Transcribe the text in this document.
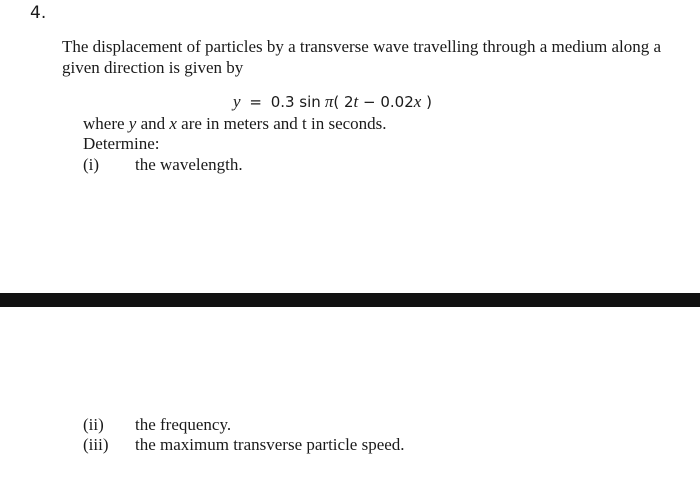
4.
The displacement of particles by a transverse wave travelling through a medium along a
given direction is given by
y = 0.3 sin π( 2t − 0.02x )
where y and x are in meters and t in seconds.
Determine:
(i) the wavelength.
(ii) the frequency.
(iii) the maximum transverse particle speed.
